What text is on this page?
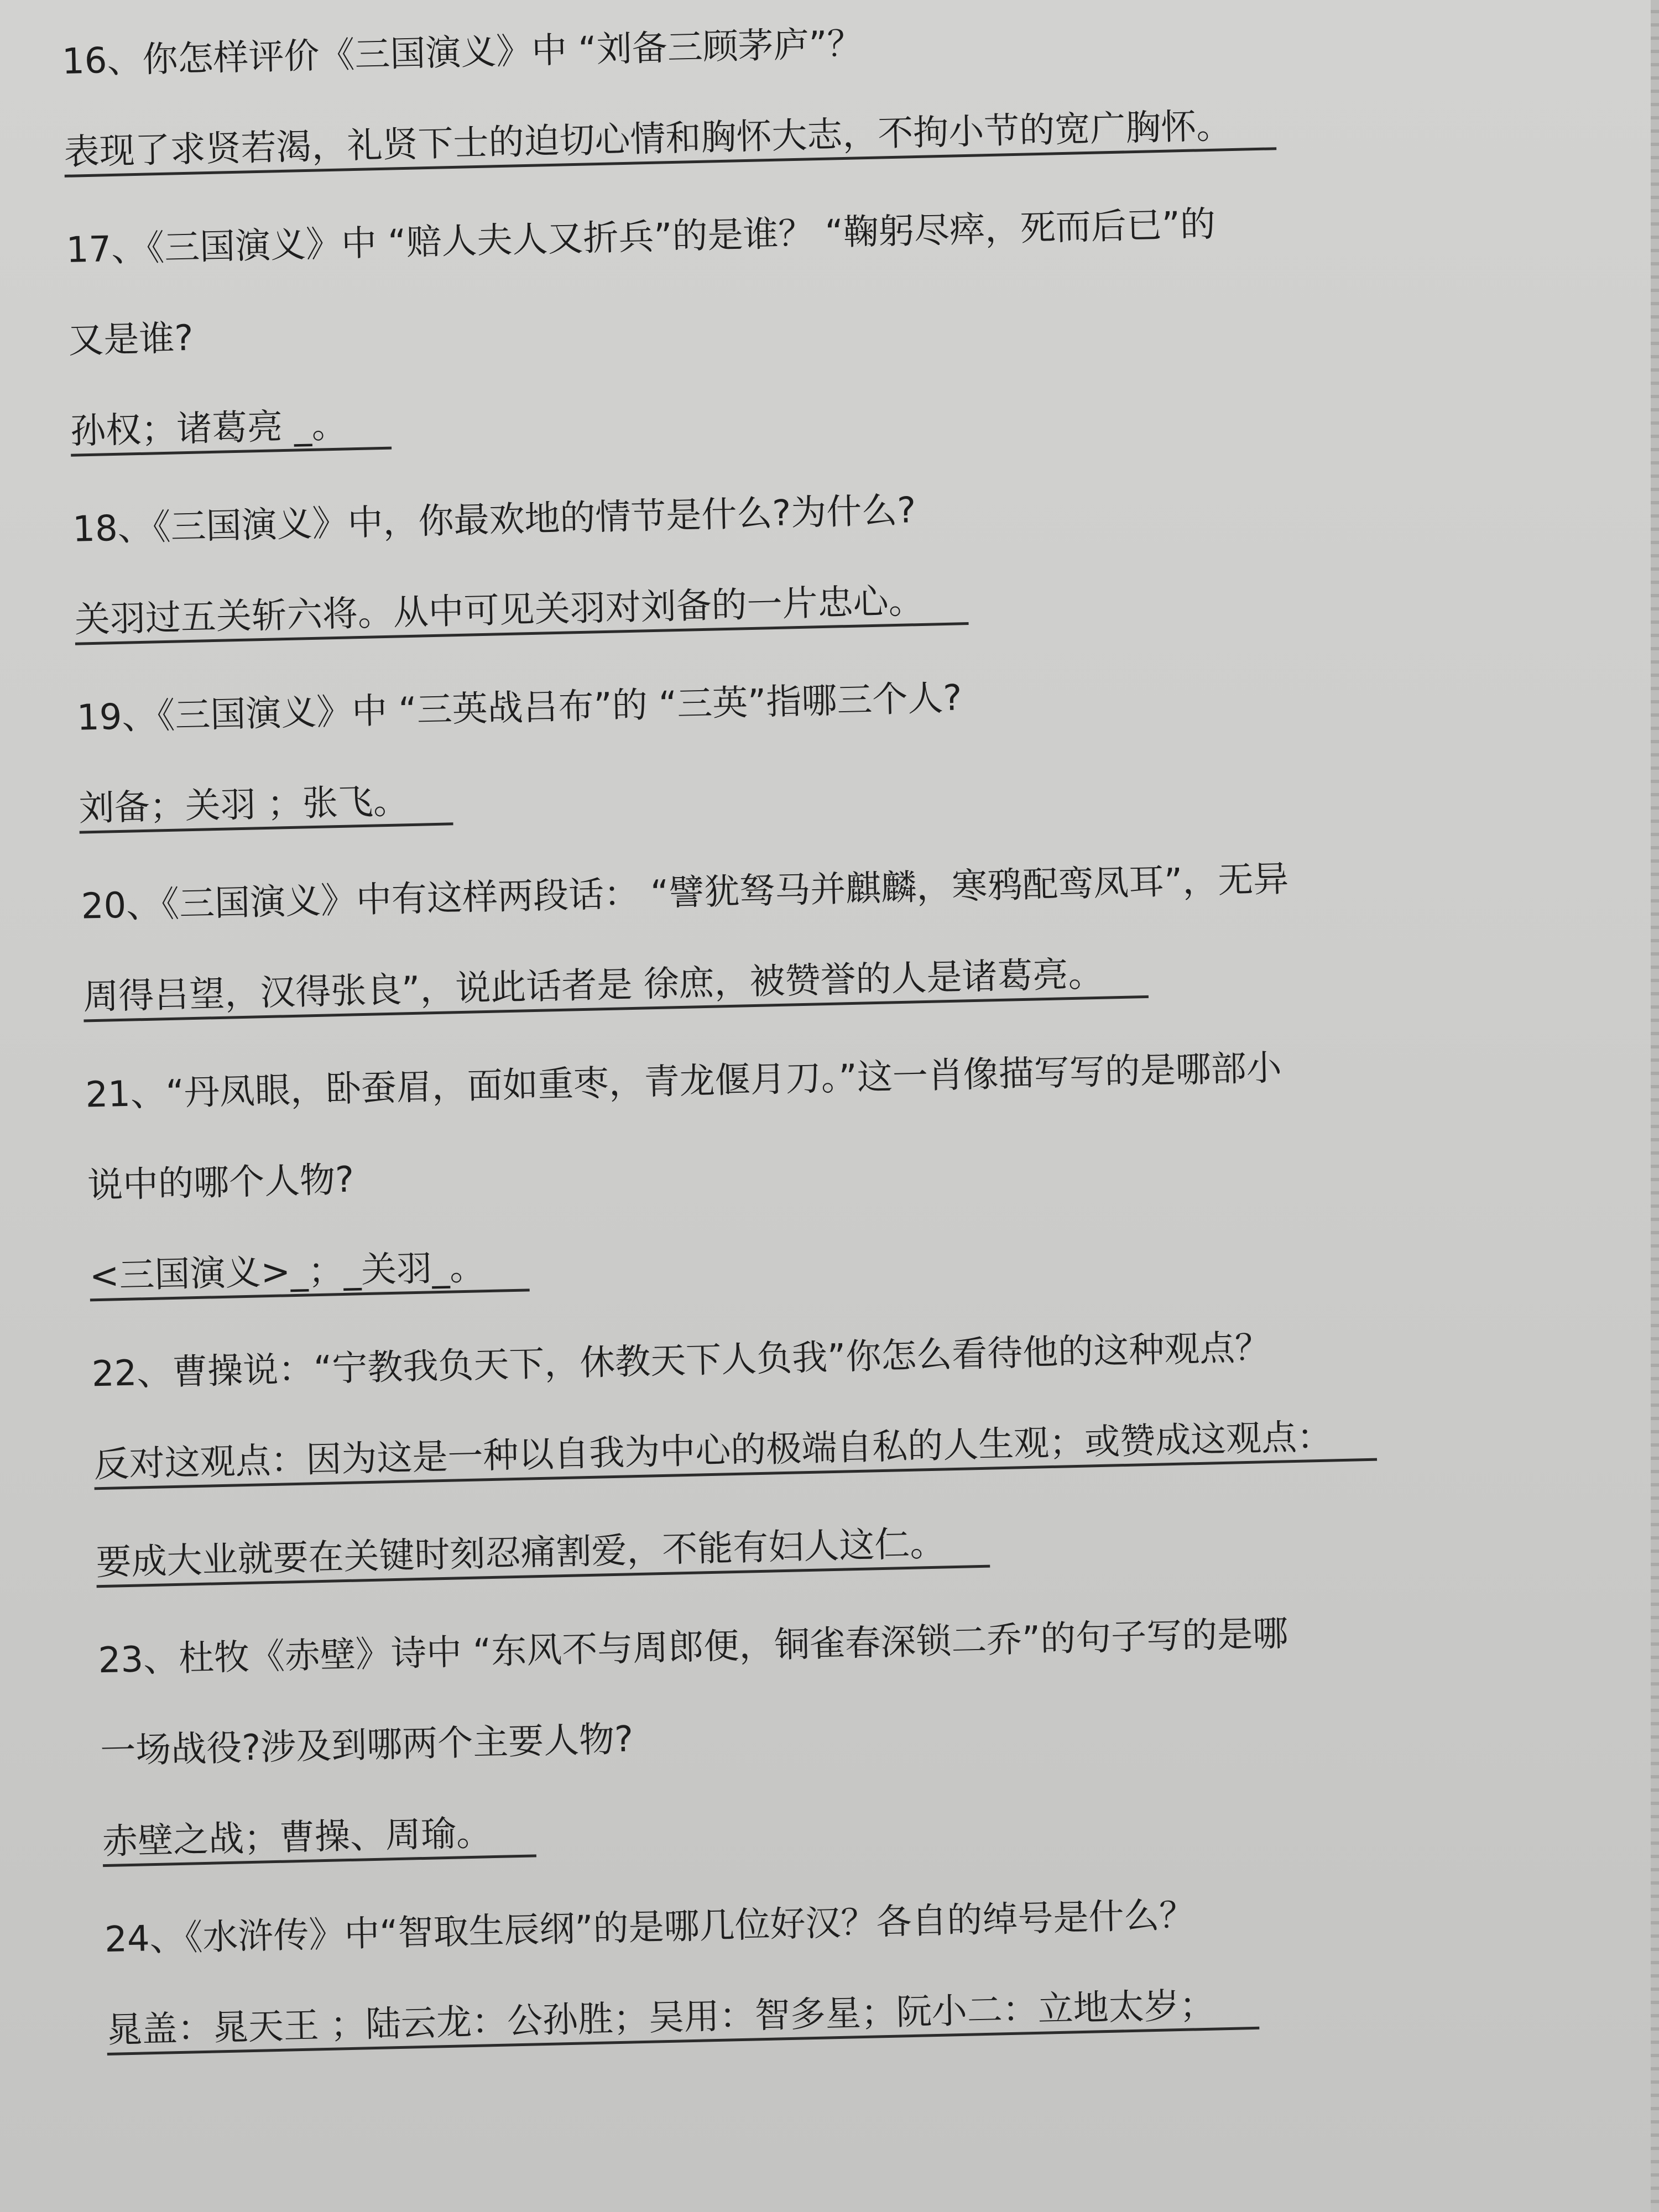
16、你怎样评价《三国演义》中 “刘备三顾茅庐”？

表现了求贤若渴，礼贤下士的迫切心情和胸怀大志，不拘小节的宽广胸怀。

17、《三国演义》中 “赔人夫人又折兵”的是谁？ “鞠躬尽瘁，死而后已”的

又是谁?

孙权；诸葛亮 _。

18、《三国演义》中，你最欢地的情节是什么?为什么?

关羽过五关斩六将。从中可见关羽对刘备的一片忠心。

19、《三国演义》中 “三英战吕布”的 “三英”指哪三个人?

刘备；关羽 ；张飞。

20、《三国演义》中有这样两段话： “譬犹驽马并麒麟，寒鸦配鸾凤耳”，无异

周得吕望，汉得张良”，说此话者是 徐庶，被赞誉的人是诸葛亮。

21、“丹凤眼，卧蚕眉，面如重枣，青龙偃月刀。”这一肖像描写写的是哪部小

说中的哪个人物?

<三国演义>_；_关羽_。

22、曹操说：“宁教我负天下，休教天下人负我”你怎么看待他的这种观点？

反对这观点：因为这是一种以自我为中心的极端自私的人生观；或赞成这观点：

要成大业就要在关键时刻忍痛割爱，不能有妇人这仁。

23、杜牧《赤壁》诗中 “东风不与周郎便，铜雀春深锁二乔”的句子写的是哪

一场战役?涉及到哪两个主要人物?

赤壁之战；曹操、周瑜。

24、《水浒传》中“智取生辰纲”的是哪几位好汉？各自的绰号是什么？

晁盖：晁天王 ；陆云龙：公孙胜；吴用：智多星；阮小二：立地太岁；
